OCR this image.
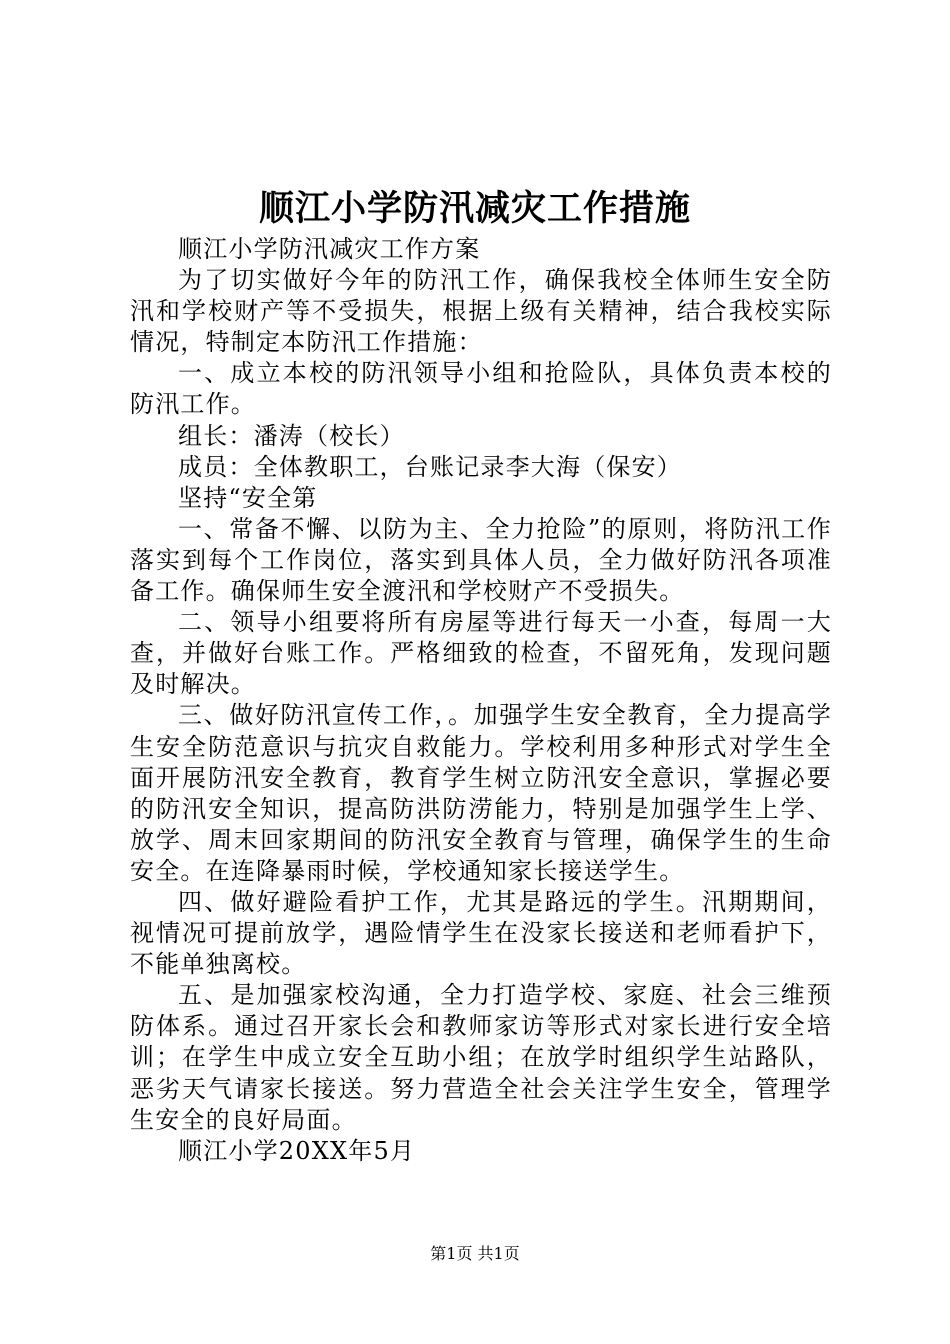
顺江小学防汛减灾工作措施

顺江小学防汛减灾工作方案

为了切实做好今年的防汛工作，确保我校全体师生安全防汛和学校财产等不受损失，根据上级有关精神，结合我校实际情况，特制定本防汛工作措施：

一、成立本校的防汛领导小组和抢险队，具体负责本校的防汛工作。

组长：潘涛（校长）

成员：全体教职工，台账记录李大海（保安）

坚持“安全第

一、常备不懈、以防为主、全力抢险”的原则，将防汛工作落实到每个工作岗位，落实到具体人员，全力做好防汛各项准备工作。确保师生安全渡汛和学校财产不受损失。

二、领导小组要将所有房屋等进行每天一小查，每周一大查，并做好台账工作。严格细致的检查，不留死角，发现问题及时解决。

三、做好防汛宣传工作，。加强学生安全教育，全力提高学生安全防范意识与抗灾自救能力。学校利用多种形式对学生全面开展防汛安全教育，教育学生树立防汛安全意识，掌握必要的防汛安全知识，提高防洪防涝能力，特别是加强学生上学、放学、周末回家期间的防汛安全教育与管理，确保学生的生命安全。在连降暴雨时候，学校通知家长接送学生。

四、做好避险看护工作，尤其是路远的学生。汛期期间，视情况可提前放学，遇险情学生在没家长接送和老师看护下，不能单独离校。

五、是加强家校沟通，全力打造学校、家庭、社会三维预防体系。通过召开家长会和教师家访等形式对家长进行安全培训；在学生中成立安全互助小组；在放学时组织学生站路队，恶劣天气请家长接送。努力营造全社会关注学生安全，管理学生安全的良好局面。

顺江小学20XX年5月

第1页 共1页
